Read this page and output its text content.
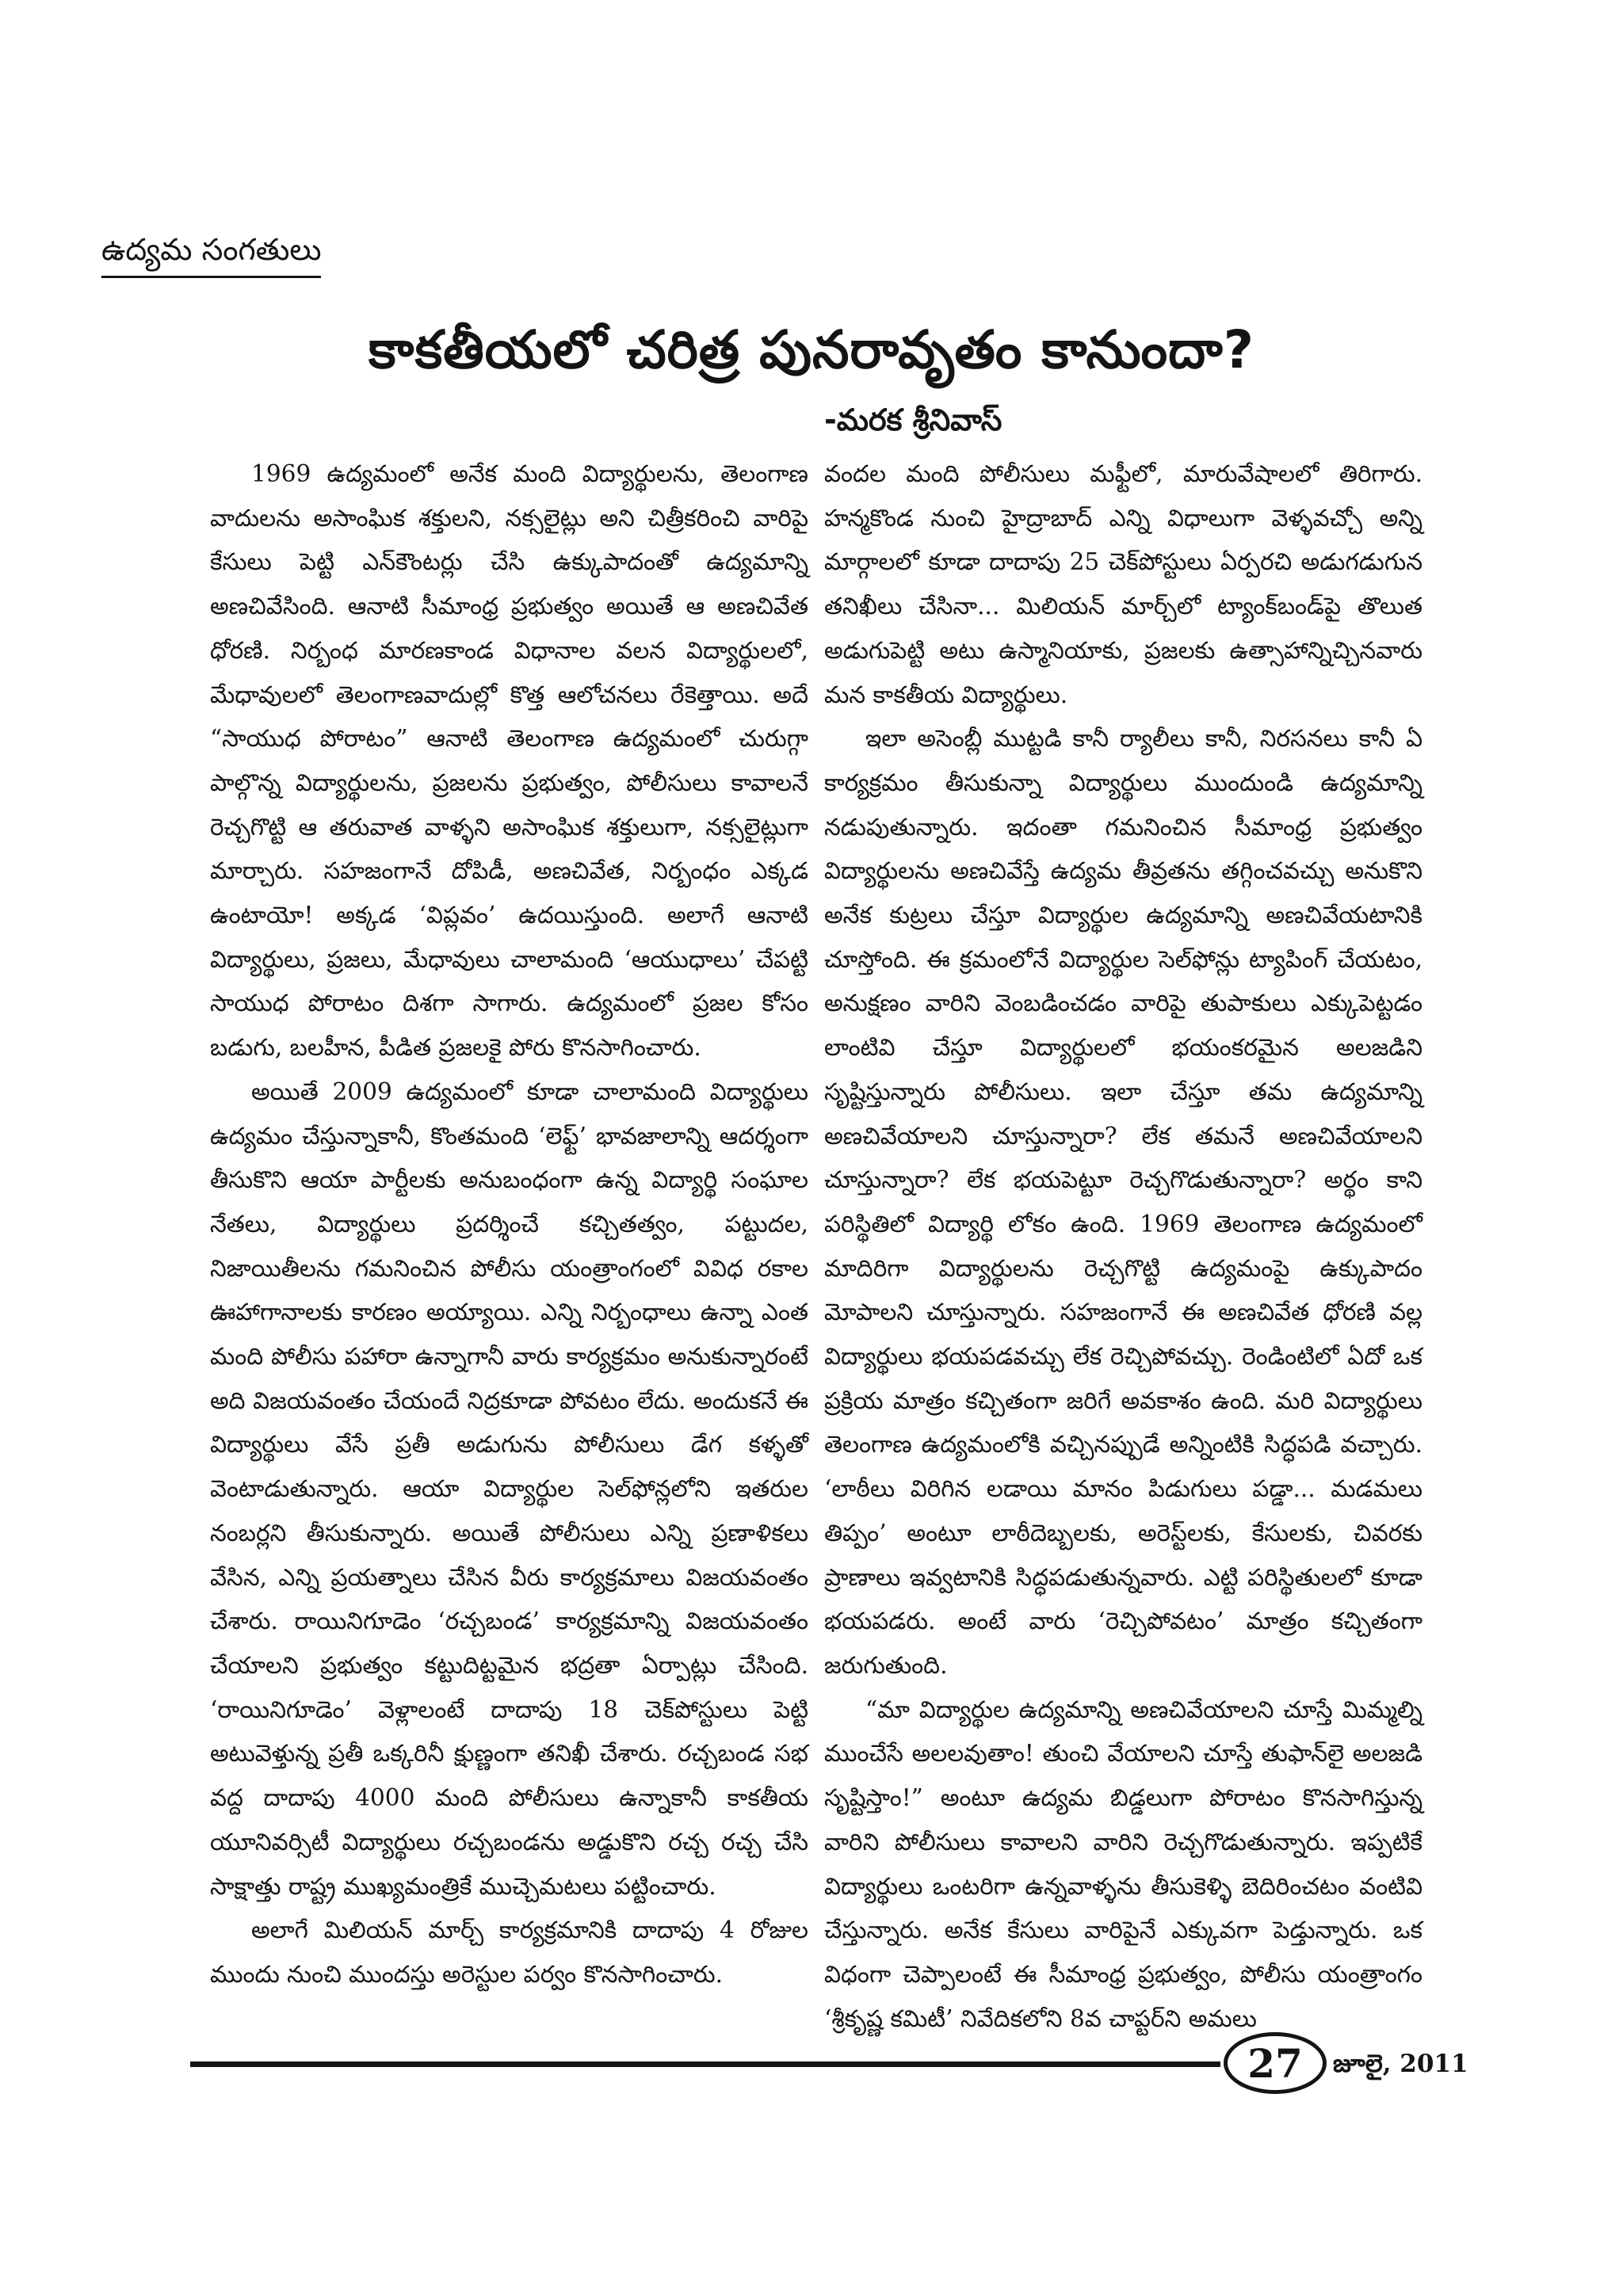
ఉద్యమ సంగతులు
కాకతీయలో చరిత్ర పునరావృతం కానుందా?
-మరక శ్రీనివాస్

1969 ఉద్యమంలో అనేక మంది విద్యార్థులను, తెలంగాణ వాదులను అసాంఘిక శక్తులని, నక్సలైట్లు అని చిత్రీకరించి వారిపై కేసులు పెట్టి ఎన్‌కౌంటర్లు చేసి ఉక్కుపాదంతో ఉద్యమాన్ని అణచివేసింది. ఆనాటి సీమాంధ్ర ప్రభుత్వం అయితే ఆ అణచివేత ధోరణి. నిర్బంధ మారణకాండ విధానాల వలన విద్యార్థులలో, మేధావులలో తెలంగాణవాదుల్లో కొత్త ఆలోచనలు రేకెత్తాయి. అదే “సాయుధ పోరాటం” ఆనాటి తెలంగాణ ఉద్యమంలో చురుగ్గా పాల్గొన్న విద్యార్థులను, ప్రజలను ప్రభుత్వం, పోలీసులు కావాలనే రెచ్చగొట్టి ఆ తరువాత వాళ్ళని అసాంఘిక శక్తులుగా, నక్సలైట్లుగా మార్చారు. సహజంగానే దోపిడీ, అణచివేత, నిర్బంధం ఎక్కడ ఉంటాయో! అక్కడ ‘విప్లవం’ ఉదయిస్తుంది. అలాగే ఆనాటి విద్యార్థులు, ప్రజలు, మేధావులు చాలామంది ‘ఆయుధాలు’ చేపట్టి సాయుధ పోరాటం దిశగా సాగారు. ఉద్యమంలో ప్రజల కోసం బడుగు, బలహీన, పీడిత ప్రజలకై పోరు కొనసాగించారు.

అయితే 2009 ఉద్యమంలో కూడా చాలామంది విద్యార్థులు ఉద్యమం చేస్తున్నాకానీ, కొంతమంది ‘లెఫ్ట్’ భావజాలాన్ని ఆదర్శంగా తీసుకొని ఆయా పార్టీలకు అనుబంధంగా ఉన్న విద్యార్థి సంఘాల నేతలు, విద్యార్థులు ప్రదర్శించే కచ్చితత్వం, పట్టుదల, నిజాయితీలను గమనించిన పోలీసు యంత్రాంగంలో వివిధ రకాల ఊహాగానాలకు కారణం అయ్యాయి. ఎన్ని నిర్బంధాలు ఉన్నా ఎంత మంది పోలీసు పహారా ఉన్నాగానీ వారు కార్యక్రమం అనుకున్నారంటే అది విజయవంతం చేయందే నిద్రకూడా పోవటం లేదు. అందుకనే ఈ విద్యార్థులు వేసే ప్రతీ అడుగును పోలీసులు డేగ కళ్ళతో వెంటాడుతున్నారు. ఆయా విద్యార్థుల సెల్‌ఫోన్లలోని ఇతరుల నంబర్లని తీసుకున్నారు. అయితే పోలీసులు ఎన్ని ప్రణాళికలు వేసిన, ఎన్ని ప్రయత్నాలు చేసిన వీరు కార్యక్రమాలు విజయవంతం చేశారు. రాయినిగూడెం ‘రచ్చబండ’ కార్యక్రమాన్ని విజయవంతం చేయాలని ప్రభుత్వం కట్టుదిట్టమైన భద్రతా ఏర్పాట్లు చేసింది. ‘రాయినిగూడెం’ వెళ్లాలంటే దాదాపు 18 చెక్‌పోస్టులు పెట్టి అటువెళ్తున్న ప్రతీ ఒక్కరినీ క్షుణ్ణంగా తనిఖీ చేశారు. రచ్చబండ సభ వద్ద దాదాపు 4000 మంది పోలీసులు ఉన్నాకానీ కాకతీయ యూనివర్సిటీ విద్యార్థులు రచ్చబండను అడ్డుకొని రచ్చ రచ్చ చేసి సాక్షాత్తు రాష్ట్ర ముఖ్యమంత్రికే ముచ్చెమటలు పట్టించారు.

అలాగే మిలియన్ మార్చ్ కార్యక్రమానికి దాదాపు 4 రోజుల ముందు నుంచి ముందస్తు అరెస్టుల పర్వం కొనసాగించారు.

వందల మంది పోలీసులు మఫ్టీలో, మారువేషాలలో తిరిగారు. హన్మకొండ నుంచి హైద్రాబాద్ ఎన్ని విధాలుగా వెళ్ళవచ్చో అన్ని మార్గాలలో కూడా దాదాపు 25 చెక్‌పోస్టులు ఏర్పరచి అడుగడుగున తనిఖీలు చేసినా... మిలియన్ మార్చ్‌లో ట్యాంక్‌బండ్‌పై తొలుత అడుగుపెట్టి అటు ఉస్మానియాకు, ప్రజలకు ఉత్సాహాన్నిచ్చినవారు మన కాకతీయ విద్యార్థులు.

ఇలా అసెంబ్లీ ముట్టడి కానీ ర్యాలీలు కానీ, నిరసనలు కానీ ఏ కార్యక్రమం తీసుకున్నా విద్యార్థులు ముందుండి ఉద్యమాన్ని నడుపుతున్నారు. ఇదంతా గమనించిన సీమాంధ్ర ప్రభుత్వం విద్యార్థులను అణచివేస్తే ఉద్యమ తీవ్రతను తగ్గించవచ్చు అనుకొని అనేక కుట్రలు చేస్తూ విద్యార్థుల ఉద్యమాన్ని అణచివేయటానికి చూస్తోంది. ఈ క్రమంలోనే విద్యార్థుల సెల్‌ఫోన్లు ట్యాపింగ్ చేయటం, అనుక్షణం వారిని వెంబడించడం వారిపై తుపాకులు ఎక్కుపెట్టడం లాంటివి చేస్తూ విద్యార్థులలో భయంకరమైన అలజడిని సృష్టిస్తున్నారు పోలీసులు. ఇలా చేస్తూ తమ ఉద్యమాన్ని అణచివేయాలని చూస్తున్నారా? లేక తమనే అణచివేయాలని చూస్తున్నారా? లేక భయపెట్టూ రెచ్చగొడుతున్నారా? అర్థం కాని పరిస్థితిలో విద్యార్థి లోకం ఉంది. 1969 తెలంగాణ ఉద్యమంలో మాదిరిగా విద్యార్థులను రెచ్చగొట్టి ఉద్యమంపై ఉక్కుపాదం మోపాలని చూస్తున్నారు. సహజంగానే ఈ అణచివేత ధోరణి వల్ల విద్యార్థులు భయపడవచ్చు లేక రెచ్చిపోవచ్చు. రెండింటిలో ఏదో ఒక ప్రక్రియ మాత్రం కచ్చితంగా జరిగే అవకాశం ఉంది. మరి విద్యార్థులు తెలంగాణ ఉద్యమంలోకి వచ్చినప్పుడే అన్నింటికి సిద్ధపడి వచ్చారు. ‘లాఠీలు విరిగిన లడాయి మానం పిడుగులు పడ్డా... మడమలు తిప్పం’ అంటూ లాఠీదెబ్బలకు, అరెస్ట్‌లకు, కేసులకు, చివరకు ప్రాణాలు ఇవ్వటానికి సిద్ధపడుతున్నవారు. ఎట్టి పరిస్థితులలో కూడా భయపడరు. అంటే వారు ‘రెచ్చిపోవటం’ మాత్రం కచ్చితంగా జరుగుతుంది.

“మా విద్యార్థుల ఉద్యమాన్ని అణచివేయాలని చూస్తే మిమ్మల్ని ముంచేసే అలలవుతాం! తుంచి వేయాలని చూస్తే తుఫాన్‌లై అలజడి సృష్టిస్తాం!” అంటూ ఉద్యమ బిడ్డలుగా పోరాటం కొనసాగిస్తున్న వారిని పోలీసులు కావాలని వారిని రెచ్చగొడుతున్నారు. ఇప్పటికే విద్యార్థులు ఒంటరిగా ఉన్నవాళ్ళను తీసుకెళ్ళి బెదిరించటం వంటివి చేస్తున్నారు. అనేక కేసులు వారిపైనే ఎక్కువగా పెడ్తున్నారు. ఒక విధంగా చెప్పాలంటే ఈ సీమాంధ్ర ప్రభుత్వం, పోలీసు యంత్రాంగం ‘శ్రీకృష్ణ కమిటీ’ నివేదికలోని 8వ చాప్టర్‌ని అమలు

27	జూలై, 2011
